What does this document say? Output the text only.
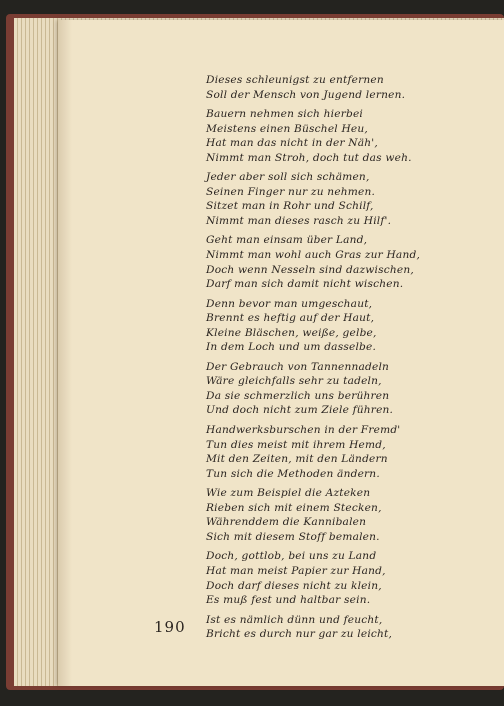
Dieses schleunigst zu entfernen
Soll der Mensch von Jugend lernen.
Bauern nehmen sich hierbei
Meistens einen Büschel Heu,
Hat man das nicht in der Näh',
Nimmt man Stroh, doch tut das weh.
Jeder aber soll sich schämen,
Seinen Finger nur zu nehmen.
Sitzet man in Rohr und Schilf,
Nimmt man dieses rasch zu Hilf'.
Geht man einsam über Land,
Nimmt man wohl auch Gras zur Hand,
Doch wenn Nesseln sind dazwischen,
Darf man sich damit nicht wischen.
Denn bevor man umgeschaut,
Brennt es heftig auf der Haut,
Kleine Bläschen, weiße, gelbe,
In dem Loch und um dasselbe.
Der Gebrauch von Tannennadeln
Wäre gleichfalls sehr zu tadeln,
Da sie schmerzlich uns berühren
Und doch nicht zum Ziele führen.
Handwerksburschen in der Fremd'
Tun dies meist mit ihrem Hemd,
Mit den Zeiten, mit den Ländern
Tun sich die Methoden ändern.
Wie zum Beispiel die Azteken
Rieben sich mit einem Stecken,
Währenddem die Kannibalen
Sich mit diesem Stoff bemalen.
Doch, gottlob, bei uns zu Land
Hat man meist Papier zur Hand,
Doch darf dieses nicht zu klein,
Es muß fest und haltbar sein.
Ist es nämlich dünn und feucht,
Bricht es durch nur gar zu leicht,
190
